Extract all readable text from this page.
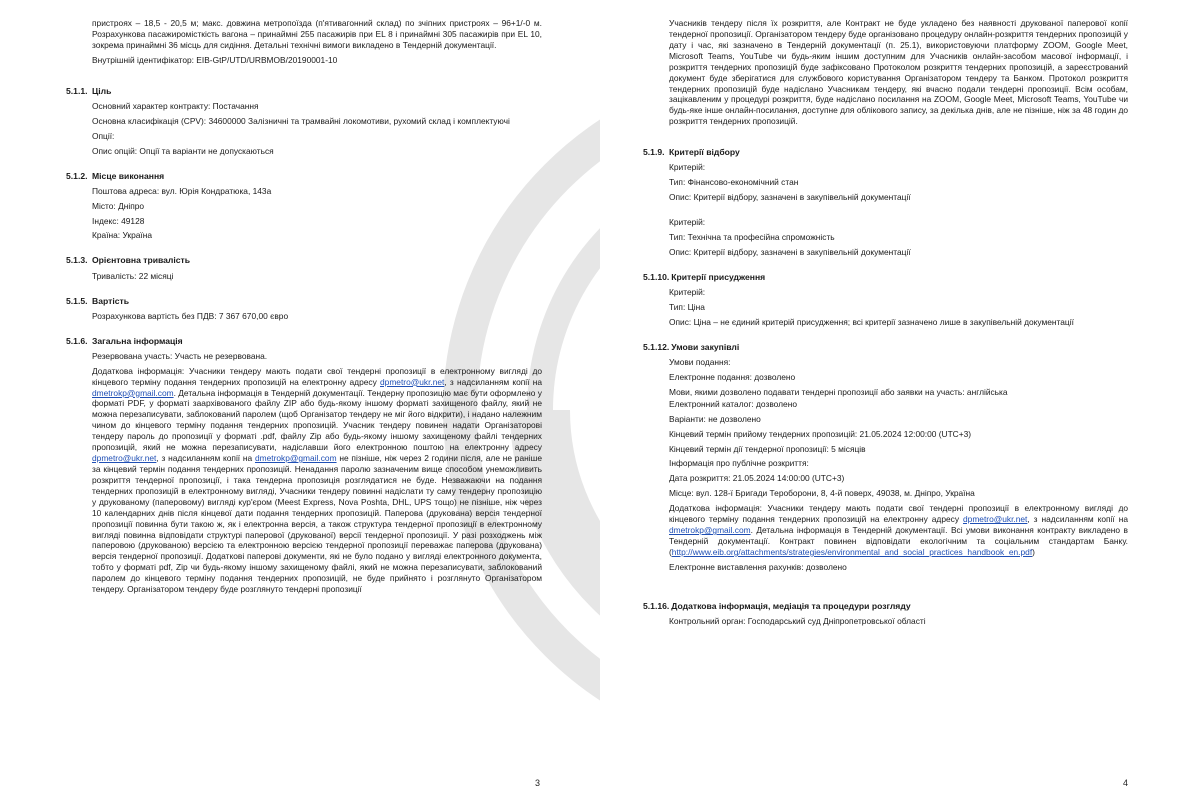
пристроях – 18,5 - 20,5 м; макс. довжина метропоїзда (п'ятивагонний склад) по зчіпних пристроях – 96+1/-0 м. Розрахункова пасажиромісткість вагона – принаймні 255 пасажирів при EL 8 і принаймні 305 пасажирів при EL 10, зокрема принаймні 36 місць для сидіння. Детальні технічні вимоги викладено в Тендерній документації.

Внутрішній ідентифікатор: EIB-GtP/UTD/URBMOB/20190001-10

5.1.1. Ціль

Основний характер контракту: Постачання

Основна класифікація (CPV): 34600000 Залізничні та трамвайні локомотиви, рухомий склад і комплектуючі

Опції:

Опис опцій: Опції та варіанти не допускаються

5.1.2. Місце виконання

Поштова адреса: вул. Юрія Кондратюка, 143а

Місто: Дніпро

Індекс: 49128

Країна: Україна

5.1.3. Орієнтовна тривалість

Тривалість: 22 місяці

5.1.5. Вартість

Розрахункова вартість без ПДВ: 7 367 670,00 євро

5.1.6. Загальна інформація

Резервована участь: Участь не резервована.

Додаткова інформація: Учасники тендеру мають подати свої тендерні пропозиції в електронному вигляді до кінцевого терміну подання тендерних пропозицій на електронну адресу dpmetro@ukr.net, з надсиланням копії на dmetrokp@gmail.com. Детальна інформація в Тендерній документації. Тендерну пропозицію має бути оформлено у форматі PDF, у форматі заархівованого файлу ZIP або будь-якому іншому форматі захищеного файлу, який не можна перезаписувати, заблокований паролем (щоб Організатор тендеру не міг його відкрити), і надано належним чином до кінцевого терміну подання тендерних пропозицій. Учасник тендеру повинен надати Організаторові тендеру пароль до пропозиції у форматі .pdf, файлу Zip або будь-якому іншому захищеному файлі тендерних пропозицій, який не можна перезаписувати, надіславши його електронною поштою на електронну адресу dpmetro@ukr.net, з надсиланням копії на dmetrokp@gmail.com не пізніше, ніж через 2 години після, але не раніше за кінцевий термін подання тендерних пропозицій. Ненадання паролю зазначеним вище способом унеможливить розкриття тендерної пропозиції, і така тендерна пропозиція розглядатися не буде. Незважаючи на подання тендерних пропозицій в електронному вигляді, Учасники тендеру повинні надіслати ту саму тендерну пропозицію у друкованому (паперовому) вигляді кур'єром (Meest Express, Nova Poshta, DHL, UPS тощо) не пізніше, ніж через 10 календарних днів після кінцевої дати подання тендерних пропозицій. Паперова (друкована) версія тендерної пропозиції повинна бути такою ж, як і електронна версія, а також структура тендерної пропозиції в електронному вигляді повинна відповідати структурі паперової (друкованої) версії тендерної пропозиції. У разі розходжень між паперовою (друкованою) версією та електронною версією тендерної пропозиції переважає паперова (друкована) версія тендерної пропозиції. Додаткові паперові документи, які не було подано у вигляді електронного документа, тобто у форматі pdf, Zip чи будь-якому іншому захищеному файлі, який не можна перезаписувати, заблокований паролем до кінцевого терміну подання тендерних пропозицій, не буде прийнято і розглянуто Організатором тендеру. Організатором тендеру буде розглянуто тендерні пропозиції

3

Учасників тендеру після їх розкриття, але Контракт не буде укладено без наявності друкованої паперової копії тендерної пропозиції. Організатором тендеру буде організовано процедуру онлайн-розкриття тендерних пропозицій у дату і час, які зазначено в Тендерній документації (п. 25.1), використовуючи платформу ZOOM, Google Meet, Microsoft Teams, YouTube чи будь-яким іншим доступним для Учасників онлайн-засобом масової інформації, і розкриття тендерних пропозицій буде зафіксовано Протоколом розкриття тендерних пропозицій, а зареєстрований документ буде зберігатися для службового користування Організатором тендеру та Банком. Протокол розкриття тендерних пропозицій буде надіслано Учасникам тендеру, які вчасно подали тендерні пропозиції. Всім особам, зацікавленим у процедурі розкриття, буде надіслано посилання на ZOOM, Google Meet, Microsoft Teams, YouTube чи будь-яке інше онлайн-посилання, доступне для облікового запису, за декілька днів, але не пізніше, ніж за 48 годин до розкриття тендерних пропозицій.

5.1.9. Критерії відбору

Критерій:

Тип: Фінансово-економічний стан

Опис: Критерії відбору, зазначені в закупівельній документації

Критерій:

Тип: Технічна та професійна спроможність

Опис: Критерії відбору, зазначені в закупівельній документації

5.1.10. Критерії присудження

Критерій:

Тип: Ціна

Опис: Ціна – не єдиний критерій присудження; всі критерії зазначено лише в закупівельній документації

5.1.12. Умови закупівлі

Умови подання:

Електронне подання: дозволено

Мови, якими дозволено подавати тендерні пропозиції або заявки на участь: англійська

Електронний каталог: дозволено

Варіанти: не дозволено

Кінцевий термін прийому тендерних пропозицій: 21.05.2024 12:00:00 (UTC+3)

Кінцевий термін дії тендерної пропозиції: 5 місяців

Інформація про публічне розкриття:

Дата розкриття: 21.05.2024 14:00:00 (UTC+3)

Місце: вул. 128-ї Бригади Тероборони, 8, 4-й поверх, 49038, м. Дніпро, Україна

Додаткова інформація: Учасники тендеру мають подати свої тендерні пропозиції в електронному вигляді до кінцевого терміну подання тендерних пропозицій на електронну адресу dpmetro@ukr.net, з надсиланням копії на dmetrokp@gmail.com. Детальна інформація в Тендерній документації. Всі умови виконання контракту викладено в Тендерній документації. Контракт повинен відповідати екологічним та соціальним стандартам Банку. (http://www.eib.org/attachments/strategies/environmental_and_social_practices_handbook_en.pdf)

Електронне виставлення рахунків: дозволено

5.1.16. Додаткова інформація, медіація та процедури розгляду

Контрольний орган: Господарський суд Дніпропетровської області

4
